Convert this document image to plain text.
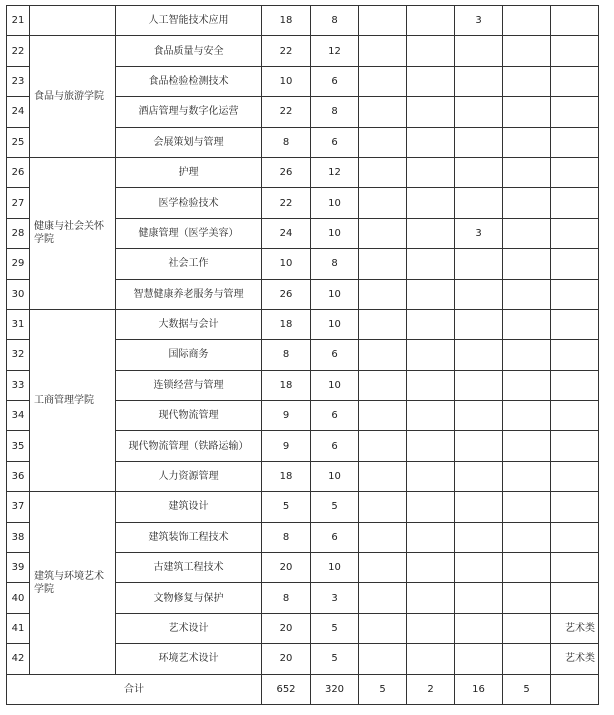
21		人工智能技术应用	18	8			3		
22	食品与旅游学院	食品质量与安全	22	12					
23		食品检验检测技术	10	6					
24		酒店管理与数字化运营	22	8					
25		会展策划与管理	8	6					
26	健康与社会关怀学院	护理	26	12					
27		医学检验技术	22	10					
28		健康管理（医学美容）	24	10			3		
29		社会工作	10	8					
30		智慧健康养老服务与管理	26	10					
31	工商管理学院	大数据与会计	18	10					
32		国际商务	8	6					
33		连锁经营与管理	18	10					
34		现代物流管理	9	6					
35		现代物流管理（铁路运输）	9	6					
36		人力资源管理	18	10					
37	建筑与环境艺术学院	建筑设计	5	5					
38		建筑装饰工程技术	8	6					
39		古建筑工程技术	20	10					
40		文物修复与保护	8	3					
41		艺术设计	20	5					艺术类
42		环境艺术设计	20	5					艺术类
合计			652	320	5	2	16	5	
